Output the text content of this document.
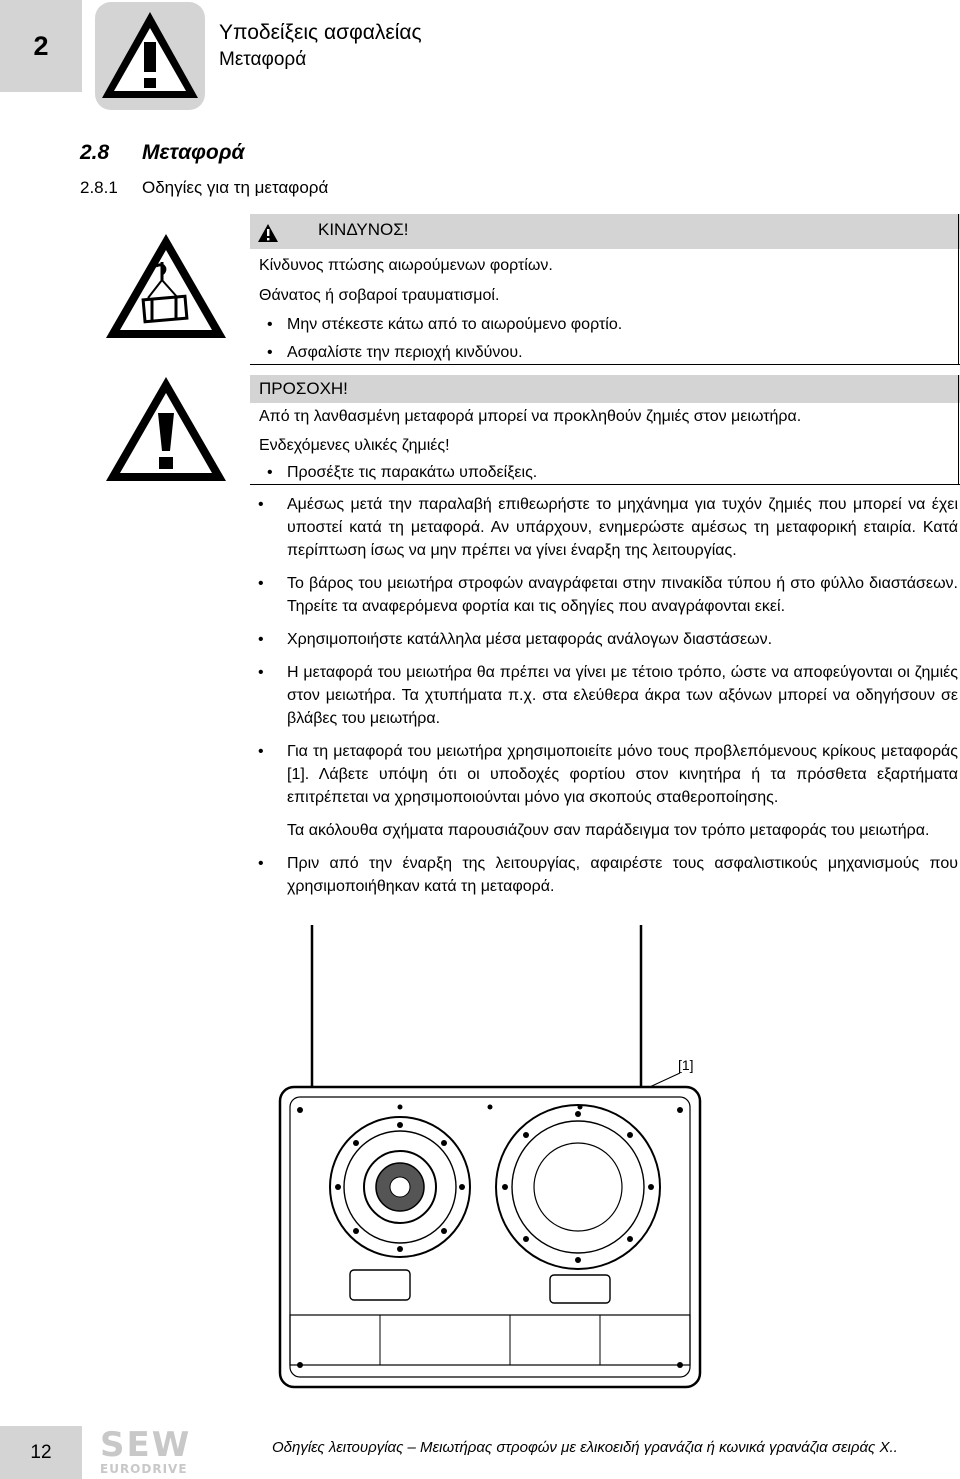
2	Υποδείξεις ασφαλείας
Μεταφορά
2.8 Μεταφορά
2.8.1 Οδηγίες για τη μεταφορά
ΚΙΝΔΥΝΟΣ!
Κίνδυνος πτώσης αιωρούμενων φορτίων.
Θάνατος ή σοβαροί τραυματισμοί.
• Μην στέκεστε κάτω από το αιωρούμενο φορτίο.
• Ασφαλίστε την περιοχή κινδύνου.
ΠΡΟΣΟΧΗ!
Από τη λανθασμένη μεταφορά μπορεί να προκληθούν ζημιές στον μειωτήρα.
Ενδεχόμενες υλικές ζημιές!
• Προσέξτε τις παρακάτω υποδείξεις.
• Αμέσως μετά την παραλαβή επιθεωρήστε το μηχάνημα για τυχόν ζημιές που μπορεί να έχει υποστεί κατά τη μεταφορά. Αν υπάρχουν, ενημερώστε αμέσως τη μεταφορική εταιρία. Κατά περίπτωση ίσως να μην πρέπει να γίνει έναρξη της λειτουργίας.
• Το βάρος του μειωτήρα στροφών αναγράφεται στην πινακίδα τύπου ή στο φύλλο διαστάσεων. Τηρείτε τα αναφερόμενα φορτία και τις οδηγίες που αναγράφονται εκεί.
• Χρησιμοποιήστε κατάλληλα μέσα μεταφοράς ανάλογων διαστάσεων.
• Η μεταφορά του μειωτήρα θα πρέπει να γίνει με τέτοιο τρόπο, ώστε να αποφεύγονται οι ζημιές στον μειωτήρα. Τα χτυπήματα π.χ. στα ελεύθερα άκρα των αξόνων μπορεί να οδηγήσουν σε βλάβες του μειωτήρα.
• Για τη μεταφορά του μειωτήρα χρησιμοποιείτε μόνο τους προβλεπόμενους κρίκους μεταφοράς [1]. Λάβετε υπόψη ότι οι υποδοχές φορτίου στον κινητήρα ή τα πρόσθετα εξαρτήματα επιτρέπεται να χρησιμοποιούνται μόνο για σκοπούς σταθεροποίησης.
Τα ακόλουθα σχήματα παρουσιάζουν σαν παράδειγμα τον τρόπο μεταφοράς του μειωτήρα.
• Πριν από την έναρξη της λειτουργίας, αφαιρέστε τους ασφαλιστικούς μηχανισμούς που χρησιμοποιήθηκαν κατά τη μεταφορά.
[1]
12	SEW
EURODRIVE
Οδηγίες λειτουργίας – Μειωτήρας στροφών με ελικοειδή γρανάζια ή κωνικά γρανάζια σειράς X..
